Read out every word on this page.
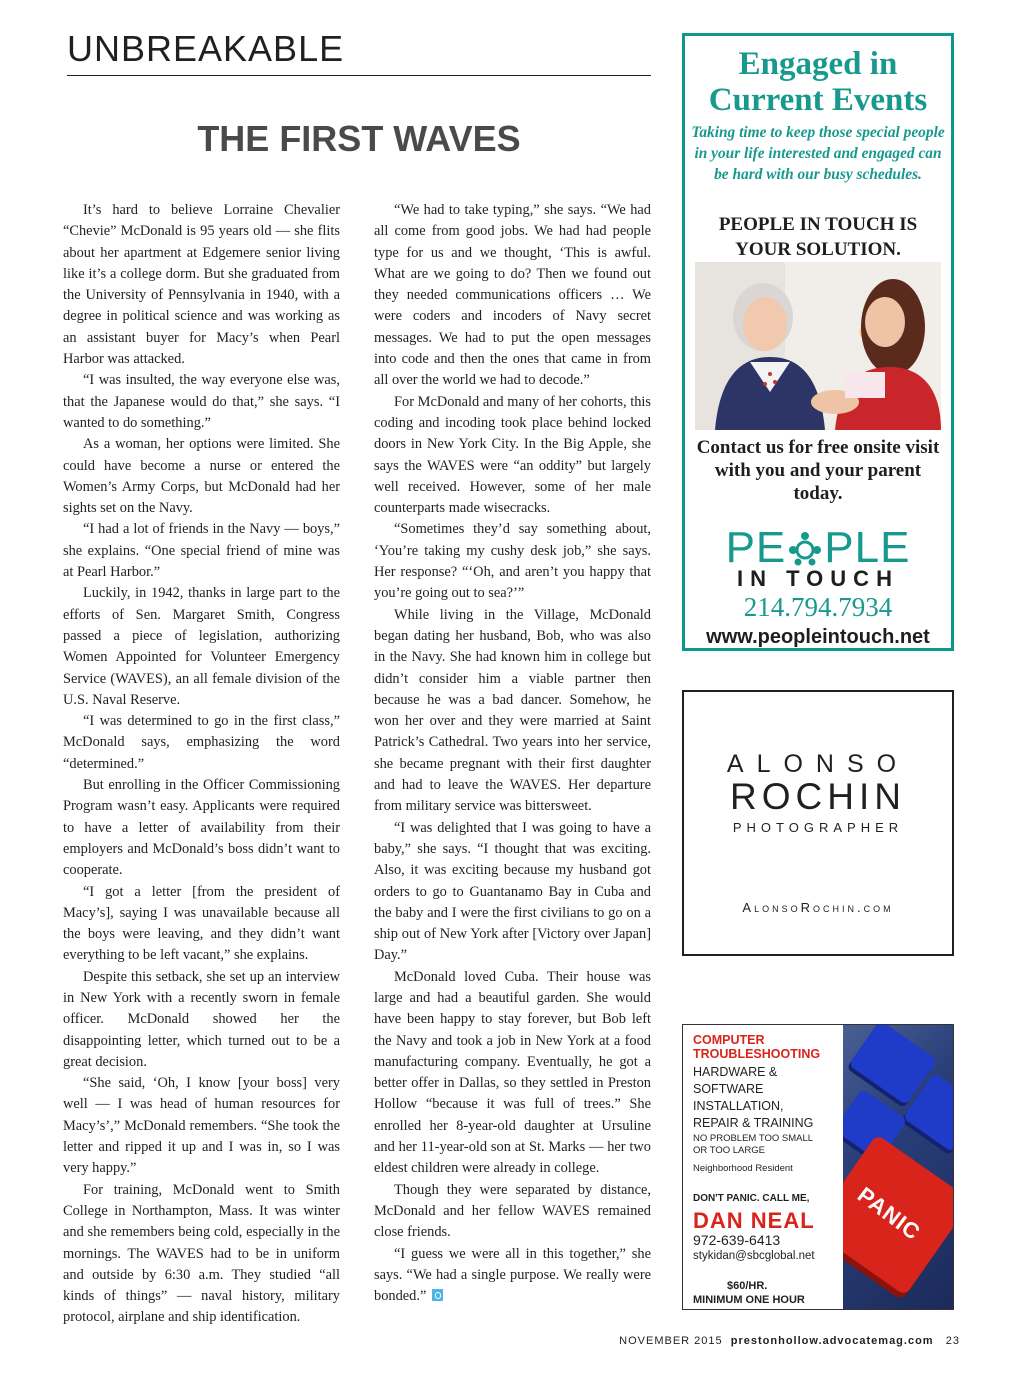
UNBREAKABLE
THE FIRST WAVES

It’s hard to believe Lorraine Chevalier “Chevie” McDonald is 95 years old — she flits about her apartment at Edgemere senior living like it’s a college dorm. But she graduated from the University of Pennsylvania in 1940, with a degree in political science and was working as an assistant buyer for Macy’s when Pearl Harbor was attacked.

“I was insulted, the way everyone else was, that the Japanese would do that,” she says. “I wanted to do something.”

As a woman, her options were limited. She could have become a nurse or entered the Women’s Army Corps, but McDonald had her sights set on the Navy.

“I had a lot of friends in the Navy — boys,” she explains. “One special friend of mine was at Pearl Harbor.”

Luckily, in 1942, thanks in large part to the efforts of Sen. Margaret Smith, Congress passed a piece of legislation, authorizing Women Appointed for Volunteer Emergency Service (WAVES), an all female division of the U.S. Naval Reserve.

“I was determined to go in the first class,” McDonald says, emphasizing the word “determined.”

But enrolling in the Officer Commissioning Program wasn’t easy. Applicants were required to have a letter of availability from their employers and McDonald’s boss didn’t want to cooperate.

“I got a letter [from the president of Macy’s], saying I was unavailable because all the boys were leaving, and they didn’t want everything to be left vacant,” she explains.

Despite this setback, she set up an interview in New York with a recently sworn in female officer. McDonald showed her the disappointing letter, which turned out to be a great decision.

“She said, ‘Oh, I know [your boss] very well — I was head of human resources for Macy’s’,” McDonald remembers. “She took the letter and ripped it up and I was in, so I was very happy.”

For training, McDonald went to Smith College in Northampton, Mass. It was winter and she remembers being cold, especially in the mornings. The WAVES had to be in uniform and outside by 6:30 a.m. They studied “all kinds of things” — naval history, military protocol, airplane and ship identification.

“We had to take typing,” she says. “We had all come from good jobs. We had had people type for us and we thought, ‘This is awful. What are we going to do? Then we found out they needed communications officers … We were coders and incoders of Navy secret messages. We had to put the open messages into code and then the ones that came in from all over the world we had to decode.”

For McDonald and many of her cohorts, this coding and incoding took place behind locked doors in New York City. In the Big Apple, she says the WAVES were “an oddity” but largely well received. However, some of her male counterparts made wisecracks.

“Sometimes they’d say something about, ‘You’re taking my cushy desk job,” she says. Her response? “‘Oh, and aren’t you happy that you’re going out to sea?’”

While living in the Village, McDonald began dating her husband, Bob, who was also in the Navy. She had known him in college but didn’t consider him a viable partner then because he was a bad dancer. Somehow, he won her over and they were married at Saint Patrick’s Cathedral. Two years into her service, she became pregnant with their first daughter and had to leave the WAVES. Her departure from military service was bittersweet.

“I was delighted that I was going to have a baby,” she says. “I thought that was exciting. Also, it was exciting because my husband got orders to go to Guantanamo Bay in Cuba and the baby and I were the first civilians to go on a ship out of New York after [Victory over Japan] Day.”

McDonald loved Cuba. Their house was large and had a beautiful garden. She would have been happy to stay forever, but Bob left the Navy and took a job in New York at a food manufacturing company. Eventually, he got a better offer in Dallas, so they settled in Preston Hollow “because it was full of trees.” She enrolled her 8-year-old daughter at Ursuline and her 11-year-old son at St. Marks — her two eldest children were already in college.

Though they were separated by distance, McDonald and her fellow WAVES remained close friends.

“I guess we were all in this together,” she says. “We had a single purpose. We really were bonded.”

Engaged in
Current Events
Taking time to keep those special people in your life interested and engaged can be hard with our busy schedules.
PEOPLE IN TOUCH IS
YOUR SOLUTION.
Contact us for free onsite visit with you and your parent today.
PE PLE
IN TOUCH
214.794.7934
www.peopleintouch.net
ALONSO
ROCHIN
PHOTOGRAPHER
AlonsoRochin.com
PANIC
COMPUTER
TROUBLESHOOTING
HARDWARE &
SOFTWARE
INSTALLATION,
REPAIR & TRAINING
NO PROBLEM TOO SMALL
OR TOO LARGE
Neighborhood Resident
DON'T PANIC. CALL ME,
DAN NEAL
972-639-6413
stykidan@sbcglobal.net
$60/HR.
MINIMUM ONE HOUR
NOVEMBER 2015 prestonhollow.advocatemag.com 23
